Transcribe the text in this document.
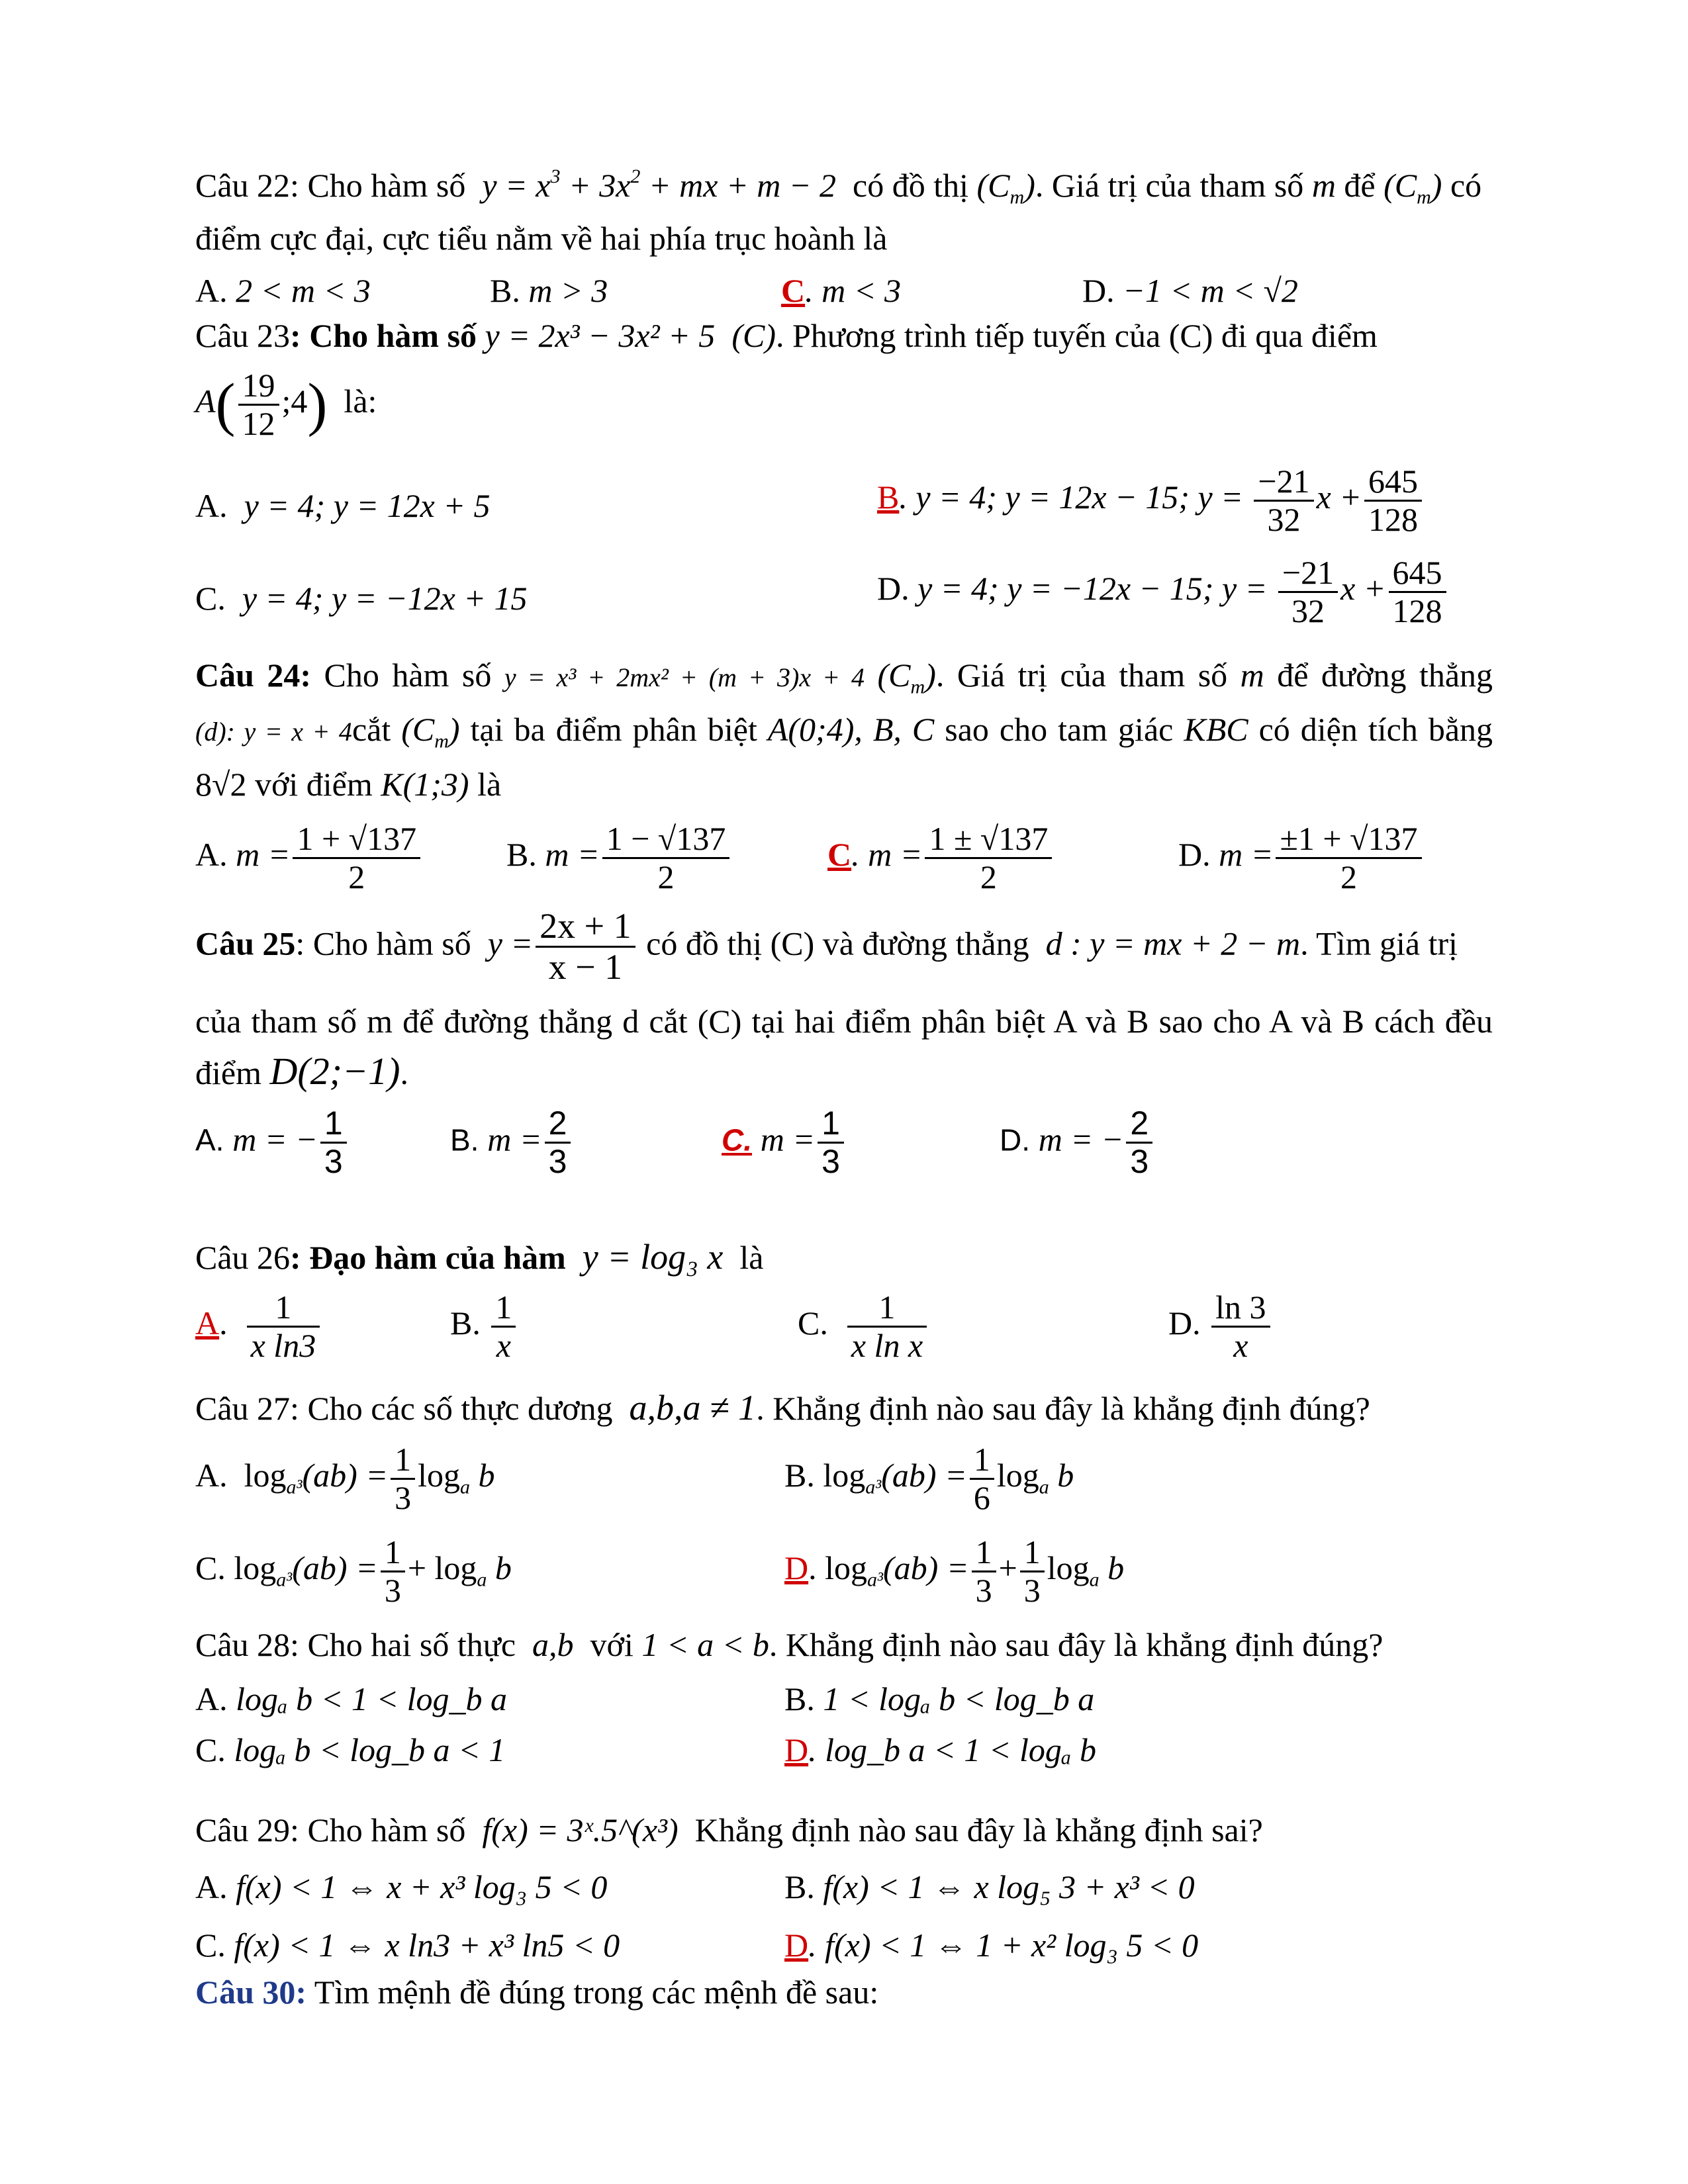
Câu 22: Cho hàm số  $y = x^3 + 3x^2$ + mx + m − 2  có đồ thị $(C_m)$. Giá trị của tham số m để $(C_m)$ có
điểm cực đại, cực tiểu nằm về hai phía trục hoành là
A. 2 < m < 3	B. m > 3	C. m < 3	D. −1 < m < √2
Câu 23: Cho hàm số y = 2x³ − 3x² + 5 (C). Phương trình tiếp tuyến của (C) đi qua điểm
$A( \frac{19}{12}$ ;4) là:
A. y = 4; y = 12x + 5	B. y = 4; y = 12x − 15; $y = \frac{-21}{32}$ $x + \frac{645}{128}$
C. y = 4; y = −12x + 15	D. y = 4; y = −12x − 15; $y = \frac{-21}{32}$ $x + \frac{645}{128}$
Câu 24: Cho hàm số y = x³ + 2mx² + (m + 3)x + 4 $(C_m)$. Giá trị của tham số m để đường thẳng
(d): y = x + 4cắt $(C_m)$ tại ba điểm phân biệt A(0;4), B, C sao cho tam giác KBC có diện tích bằng
8√2 với điểm K(1;3) là
A. $m = \frac{1 + √137}{2}$	B. $m = \frac{1 - √137}{2}$	C. $m = \frac{1 \pm √137}{2}$	D. $m = \frac{\pm 1 + √137}{2}$
Câu 25: Cho hàm số $y = \frac{2x + 1}{x - 1}$ có đồ thị (C) và đường thẳng d : y = mx + 2 − m. Tìm giá trị
của tham số m để đường thẳng d cắt (C) tại hai điểm phân biệt A và B sao cho A và B cách đều
điểm D(2;−1).
A. m = − $\frac{1}{3}$	B. $m = \frac{2}{3}$	C. $m = \frac{1}{3}$	D. m = − $\frac{2}{3}$
Câu 26: Đạo hàm của hàm y = log₃ x là
A. $\frac{1}{\text{x ln3}}$	B. $\frac{1}{x}$	C. $\frac{1}{\text{x ln x}}$	D. $\frac{\ln 3}{x}$
Câu 27: Cho các số thực dương a,b,a ≠ 1. Khẳng định nào sau đây là khẳng định đúng?
A. $\log_{a^3}(ab) = \frac{1}{3} \log_a b$	B. $\log_{a^3}(ab) = \frac{1}{6} \log_a b$
C. $\log_{a^3}(ab) = \frac{1}{3} + \log_a b$	D. $\log_{a^3}(ab) = \frac{1}{3} + \frac{1}{3} \log_a b$
Câu 28: Cho hai số thực a,b với 1 < a < b. Khẳng định nào sau đây là khẳng định đúng?
A. logₐ b < 1 < log_b a	B. 1 < logₐ b < log_b a
C. logₐ b < log_b a < 1	D. log_b a < 1 < logₐ b
Câu 29: Cho hàm số f(x) = 3ˣ.5^(x³) Khẳng định nào sau đây là khẳng định sai?
A. f(x) < 1 ⇔ x + x³ log₃ 5 < 0	B. f(x) < 1 ⇔ x log₅ 3 + x³ < 0
C. f(x) < 1 ⇔ x ln3 + x³ ln5 < 0	D. f(x) < 1 ⇔ 1 + x² log₃ 5 < 0
Câu 30: Tìm mệnh đề đúng trong các mệnh đề sau:
